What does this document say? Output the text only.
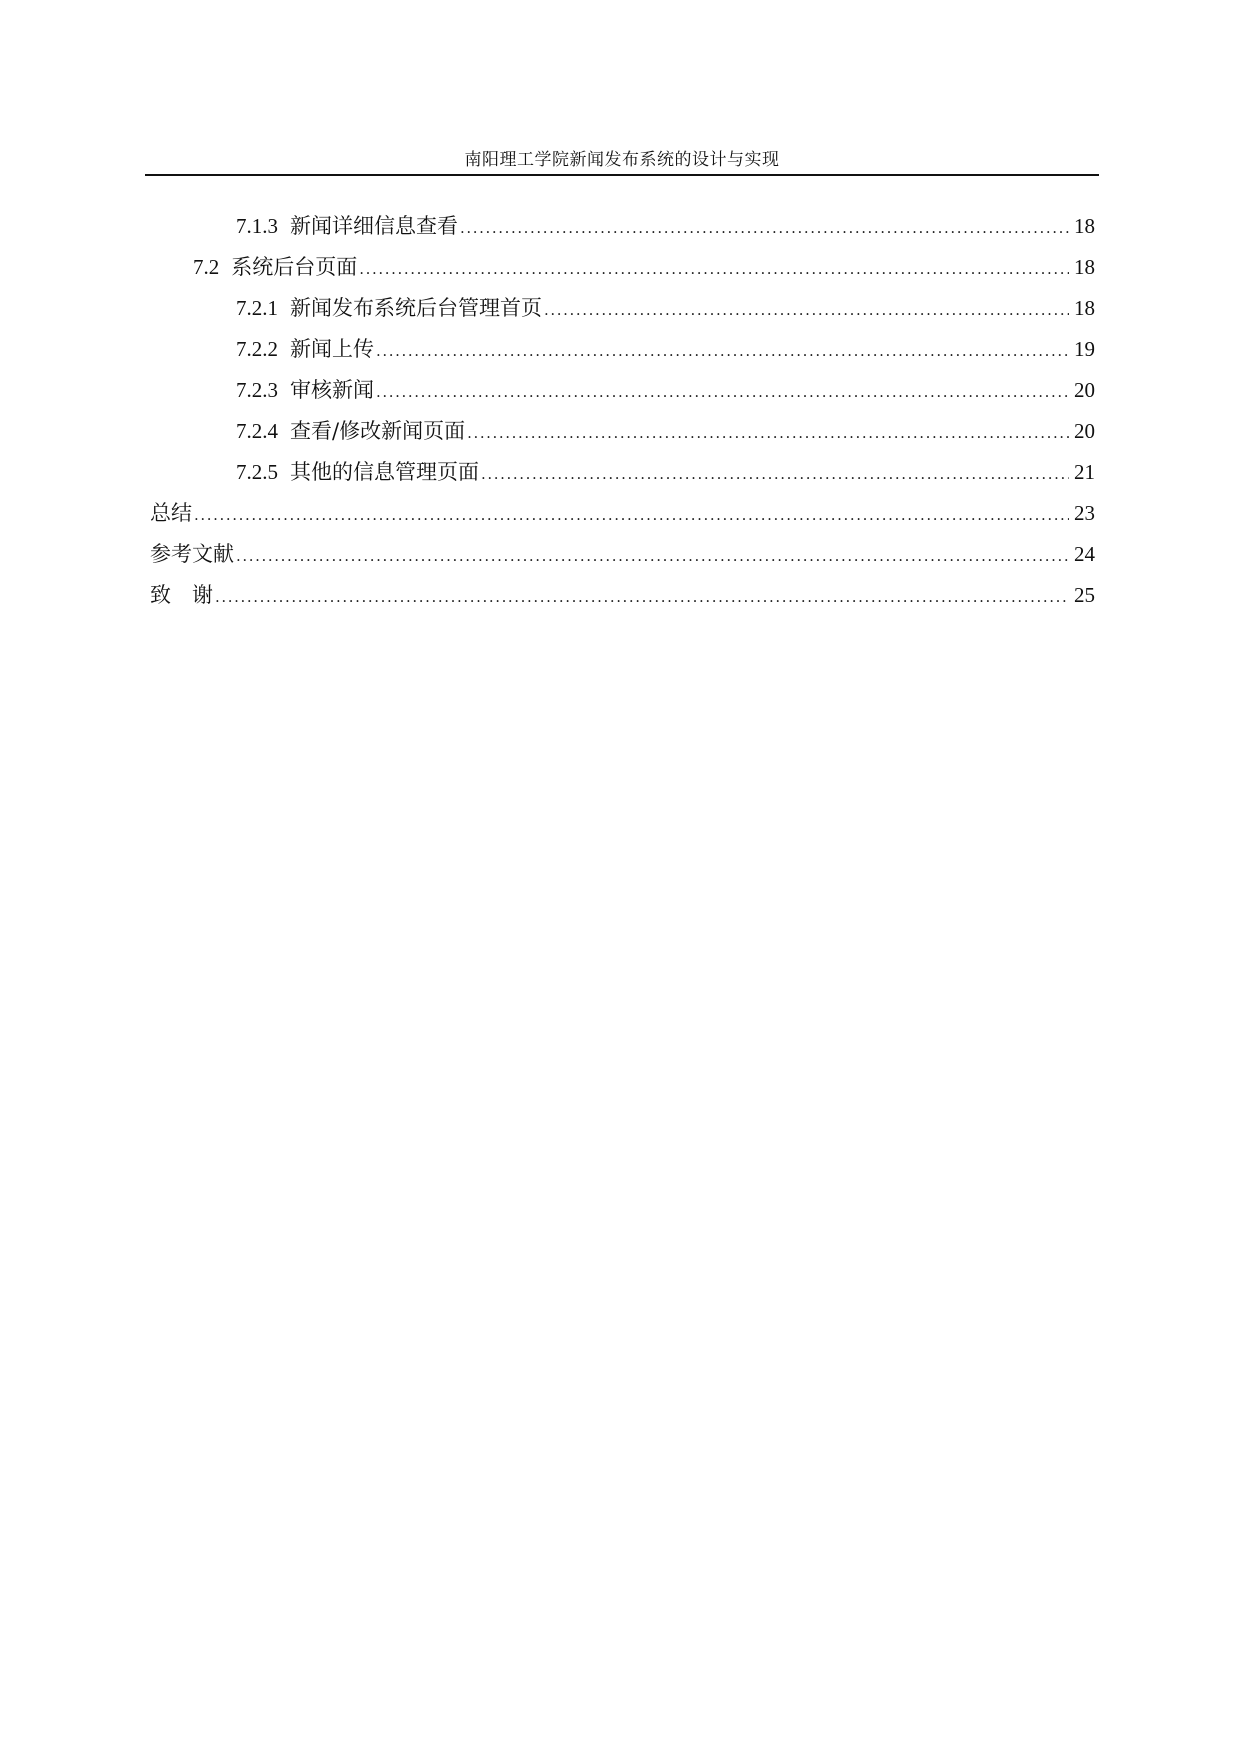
南阳理工学院新闻发布系统的设计与实现
7.1.3 新闻详细信息查看 .....	18
7.2 系统后台页面 .....	18
7.2.1 新闻发布系统后台管理首页 .....	18
7.2.2 新闻上传 .....	19
7.2.3 审核新闻 .....	20
7.2.4 查看/修改新闻页面 .....	20
7.2.5 其他的信息管理页面 .....	21
总结 .....	23
参考文献 .....	24
致　谢 .....	25
